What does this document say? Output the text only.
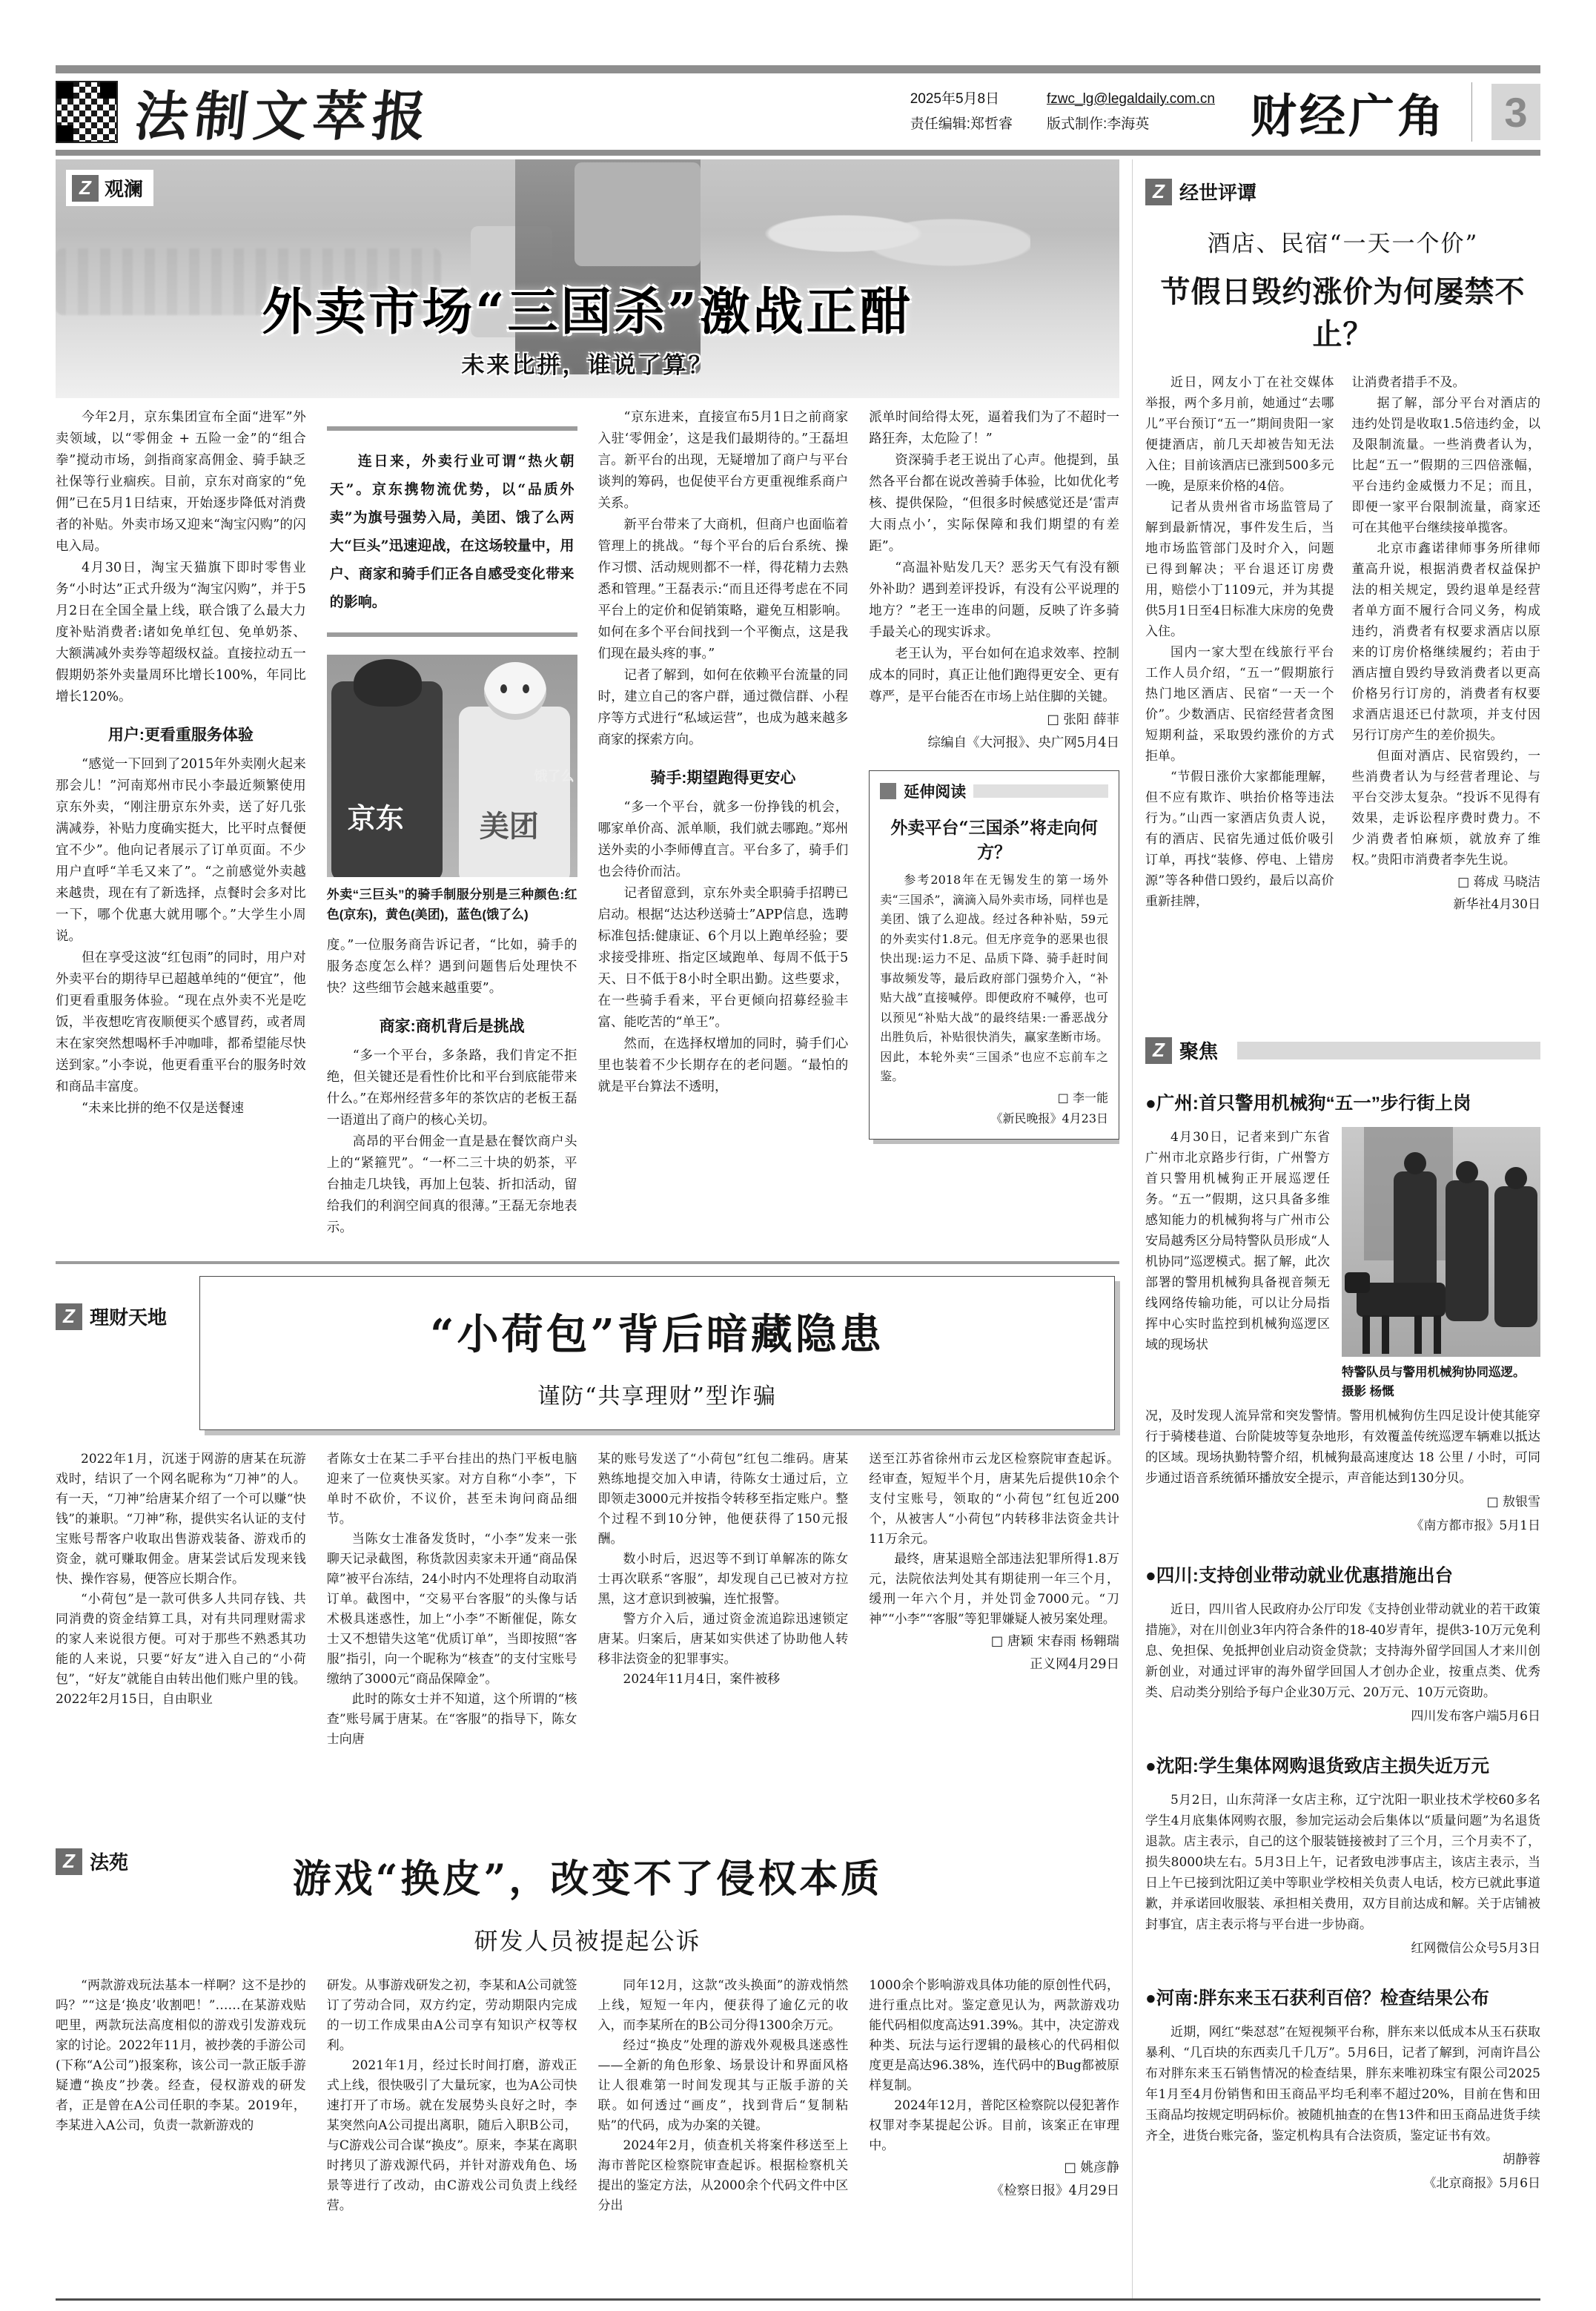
法制文萃报	2025年5月8日
责任编辑:郑哲睿
fzwc_lg@legaldaily.com.cn
版式制作:李海英	财经广角	3
Z 观澜
外卖市场“三国杀”激战正酣
未来比拼，谁说了算？

今年2月，京东集团宣布全面“进军”外卖领域，以“零佣金 + 五险一金”的“组合拳”搅动市场，剑指商家高佣金、骑手缺乏社保等行业痼疾。目前，京东对商家的“免佣”已在5月1日结束，开始逐步降低对消费者的补贴。外卖市场又迎来“淘宝闪购”的闪电入局。

4月30日，淘宝天猫旗下即时零售业务“小时达”正式升级为“淘宝闪购”，并于5月2日在全国全量上线，联合饿了么最大力度补贴消费者:诸如免单红包、免单奶茶、大额满减外卖券等超级权益。直接拉动五一假期奶茶外卖量周环比增长100%，年同比增长120%。

用户:更看重服务体验

“感觉一下回到了2015年外卖刚火起来那会儿！”河南郑州市民小李最近频繁使用京东外卖，“刚注册京东外卖，送了好几张满减券，补贴力度确实挺大，比平时点餐便宜不少”。他向记者展示了订单页面。不少用户直呼“羊毛又来了”。“之前感觉外卖越来越贵，现在有了新选择，点餐时会多对比一下，哪个优惠大就用哪个。”大学生小周说。

但在享受这波“红包雨”的同时，用户对外卖平台的期待早已超越单纯的“便宜”，他们更看重服务体验。“现在点外卖不光是吃饭，半夜想吃宵夜顺便买个感冒药，或者周末在家突然想喝杯手冲咖啡，都希望能尽快送到家。”小李说，他更看重平台的服务时效和商品丰富度。

“未来比拼的绝不仅是送餐速

连日来，外卖行业可谓“热火朝天”。京东携物流优势，以“品质外卖”为旗号强势入局，美团、饿了么两大“巨头”迅速迎战，在这场较量中，用户、商家和骑手们正各自感受变化带来的影响。

京东	美团
饿了么
外卖“三巨头”的骑手制服分别是三种颜色:红色(京东)，黄色(美团)，蓝色(饿了么)

度。”一位服务商告诉记者，“比如，骑手的服务态度怎么样？遇到问题售后处理快不快？这些细节会越来越重要”。

商家:商机背后是挑战

“多一个平台，多条路，我们肯定不拒绝，但关键还是看性价比和平台到底能带来什么。”在郑州经营多年的茶饮店的老板王磊一语道出了商户的核心关切。

高昂的平台佣金一直是悬在餐饮商户头上的“紧箍咒”。“一杯二三十块的奶茶，平台抽走几块钱，再加上包装、折扣活动，留给我们的利润空间真的很薄。”王磊无奈地表示。

“京东进来，直接宣布5月1日之前商家入驻‘零佣金’，这是我们最期待的。”王磊坦言。新平台的出现，无疑增加了商户与平台谈判的筹码，也促使平台方更重视维系商户关系。

新平台带来了大商机，但商户也面临着管理上的挑战。“每个平台的后台系统、操作习惯、活动规则都不一样，得花精力去熟悉和管理。”王磊表示:“而且还得考虑在不同平台上的定价和促销策略，避免互相影响。如何在多个平台间找到一个平衡点，这是我们现在最头疼的事。”

记者了解到，如何在依赖平台流量的同时，建立自己的客户群，通过微信群、小程序等方式进行“私域运营”，也成为越来越多商家的探索方向。

骑手:期望跑得更安心

“多一个平台，就多一份挣钱的机会，哪家单价高、派单顺，我们就去哪跑。”郑州送外卖的小李师傅直言。平台多了，骑手们也会待价而沽。

记者留意到，京东外卖全职骑手招聘已启动。根据“达达秒送骑士”APP信息，选聘标准包括:健康证、6个月以上跑单经验；要求接受排班、指定区域跑单、每周不低于5天、日不低于8小时全职出勤。这些要求，在一些骑手看来，平台更倾向招募经验丰富、能吃苦的“单王”。

然而，在选择权增加的同时，骑手们心里也装着不少长期存在的老问题。“最怕的就是平台算法不透明，

派单时间给得太死，逼着我们为了不超时一路狂奔，太危险了！”

资深骑手老王说出了心声。他提到，虽然各平台都在说改善骑手体验，比如优化考核、提供保险，“但很多时候感觉还是‘雷声大雨点小’，实际保障和我们期望的有差距”。

“高温补贴发几天？恶劣天气有没有额外补助？遇到差评投诉，有没有公平说理的地方？”老王一连串的问题，反映了许多骑手最关心的现实诉求。

老王认为，平台如何在追求效率、控制成本的同时，真正让他们跑得更安全、更有尊严，是平台能否在市场上站住脚的关键。

□ 张阳 薛菲
综编自《大河报》、央广网5月4日
延伸阅读
外卖平台“三国杀”将走向何方？

参考2018年在无锡发生的第一场外卖“三国杀”，滴滴入局外卖市场，同样也是美团、饿了么迎战。经过各种补贴，59元的外卖实付1.8元。但无序竞争的恶果也很快出现:运力不足、品质下降、骑手赶时间事故频发等，最后政府部门强势介入，“补贴大战”直接喊停。即便政府不喊停，也可以预见“补贴大战”的最终结果:一番恶战分出胜负后，补贴很快消失，赢家垄断市场。因此，本轮外卖“三国杀”也应不忘前车之鉴。

□ 李一能
《新民晚报》4月23日
Z 理财天地	“小荷包”背后暗藏隐患
谨防“共享理财”型诈骗

2022年1月，沉迷于网游的唐某在玩游戏时，结识了一个网名昵称为“刀神”的人。有一天，“刀神”给唐某介绍了一个可以赚“快钱”的兼职。“刀神”称，提供实名认证的支付宝账号帮客户收取出售游戏装备、游戏币的资金，就可赚取佣金。唐某尝试后发现来钱快、操作容易，便答应长期合作。

“小荷包”是一款可供多人共同存钱、共同消费的资金结算工具，对有共同理财需求的家人来说很方便。可对于那些不熟悉其功能的人来说，只要“好友”进入自己的“小荷包”，“好友”就能自由转出他们账户里的钱。2022年2月15日，自由职业

者陈女士在某二手平台挂出的热门平板电脑迎来了一位爽快买家。对方自称“小李”，下单时不砍价，不议价，甚至未询问商品细节。

当陈女士准备发货时，“小李”发来一张聊天记录截图，称货款因卖家未开通“商品保障”被平台冻结，24小时内不处理将自动取消订单。截图中，“交易平台客服”的头像与话术极具迷惑性，加上“小李”不断催促，陈女士又不想错失这笔“优质订单”，当即按照“客服”指引，向一个昵称为“核查”的支付宝账号缴纳了3000元“商品保障金”。

此时的陈女士并不知道，这个所谓的“核查”账号属于唐某。在“客服”的指导下，陈女士向唐

某的账号发送了“小荷包”红包二维码。唐某熟练地提交加入申请，待陈女士通过后，立即领走3000元并按指令转移至指定账户。整个过程不到10分钟，他便获得了150元报酬。

数小时后，迟迟等不到订单解冻的陈女士再次联系“客服”，却发现自己已被对方拉黑，这才意识到被骗，连忙报警。

警方介入后，通过资金流追踪迅速锁定唐某。归案后，唐某如实供述了协助他人转移非法资金的犯罪事实。

2024年11月4日，案件被移

送至江苏省徐州市云龙区检察院审查起诉。经审查，短短半个月，唐某先后提供10余个支付宝账号，领取的“小荷包”红包近200个，从被害人“小荷包”内转移非法资金共计11万余元。

最终，唐某退赔全部违法犯罪所得1.8万元，法院依法判处其有期徒刑一年三个月，缓刑一年六个月，并处罚金7000元。“刀神”“小李”“客服”等犯罪嫌疑人被另案处理。

□ 唐颖 宋春雨 杨翱瑞
正义网4月29日
Z 法苑	游戏“换皮”，改变不了侵权本质
研发人员被提起公诉

“两款游戏玩法基本一样啊？这不是抄的吗？”“这是‘换皮’收割吧！”……在某游戏贴吧里，两款玩法高度相似的游戏引发游戏玩家的讨论。2022年11月，被抄袭的手游公司(下称“A公司”)报案称，该公司一款正版手游疑遭“换皮”抄袭。经查，侵权游戏的研发者，正是曾在A公司任职的李某。2019年，李某进入A公司，负责一款新游戏的

研发。从事游戏研发之初，李某和A公司就签订了劳动合同，双方约定，劳动期限内完成的一切工作成果由A公司享有知识产权等权利。

2021年1月，经过长时间打磨，游戏正式上线，很快吸引了大量玩家，也为A公司快速打开了市场。就在发展势头良好之时，李某突然向A公司提出离职，随后入职B公司，与C游戏公司合谋“换皮”。原来，李某在离职时拷贝了游戏源代码，并针对游戏角色、场景等进行了改动，由C游戏公司负责上线经营。

同年12月，这款“改头换面”的游戏悄然上线，短短一年内，便获得了逾亿元的收入，而李某所在的B公司分得1300余万元。

经过“换皮”处理的游戏外观极具迷惑性——全新的角色形象、场景设计和界面风格让人很难第一时间发现其与正版手游的关联。如何透过“画皮”，找到背后“复制粘贴”的代码，成为办案的关键。

2024年2月，侦查机关将案件移送至上海市普陀区检察院审查起诉。根据检察机关提出的鉴定方法，从2000余个代码文件中区分出

1000余个影响游戏具体功能的原创性代码，进行重点比对。鉴定意见认为，两款游戏功能代码相似度高达91.39%。其中，决定游戏种类、玩法与运行逻辑的最核心的代码相似度更是高达96.38%，连代码中的Bug都被原样复制。

2024年12月，普陀区检察院以侵犯著作权罪对李某提起公诉。目前，该案正在审理中。

□ 姚彦静
《检察日报》4月29日
Z 经世评谭
酒店、民宿“一天一个价”
节假日毁约涨价为何屡禁不止？

近日，网友小丁在社交媒体举报，两个多月前，她通过“去哪儿”平台预订“五一”期间贵阳一家便捷酒店，前几天却被告知无法入住；目前该酒店已涨到500多元一晚，是原来价格的4倍。

记者从贵州省市场监管局了解到最新情况，事件发生后，当地市场监管部门及时介入，问题已得到解决；平台退还订房费用，赔偿小丁1109元，并为其提供5月1日至4日标准大床房的免费入住。

国内一家大型在线旅行平台工作人员介绍，“五一”假期旅行热门地区酒店、民宿“一天一个价”。少数酒店、民宿经营者贪图短期利益，采取毁约涨价的方式拒单。

“节假日涨价大家都能理解，但不应有欺诈、哄抬价格等违法行为。”山西一家酒店负责人说，有的酒店、民宿先通过低价吸引订单，再找“装修、停电、上错房源”等各种借口毁约，最后以高价重新挂牌，

让消费者措手不及。

据了解，部分平台对酒店的违约处罚是收取1.5倍违约金，以及限制流量。一些消费者认为，比起“五一”假期的三四倍涨幅，平台违约金威慑力不足；而且，即便一家平台限制流量，商家还可在其他平台继续接单揽客。

北京市鑫诺律师事务所律师董高升说，根据消费者权益保护法的相关规定，毁约退单是经营者单方面不履行合同义务，构成违约，消费者有权要求酒店以原来的订房价格继续履约；若由于酒店擅自毁约导致消费者以更高价格另行订房的，消费者有权要求酒店退还已付款项，并支付因另行订房产生的差价损失。

但面对酒店、民宿毁约，一些消费者认为与经营者理论、与平台交涉太复杂。“投诉不见得有效果，走诉讼程序费时费力。不少消费者怕麻烦，就放弃了维权。”贵阳市消费者李先生说。

□ 蒋成 马晓洁
新华社4月30日
Z 聚焦
●广州:首只警用机械狗“五一”步行街上岗

4月30日，记者来到广东省广州市北京路步行街，广州警方首只警用机械狗正开展巡逻任务。“五一”假期，这只具备多维感知能力的机械狗将与广州市公安局越秀区分局特警队员形成“人机协同”巡逻模式。据了解，此次部署的警用机械狗具备视音频无线网络传输功能，可以让分局指挥中心实时监控到机械狗巡逻区域的现场状

特警队员与警用机械狗协同巡逻。
摄影 杨慨

况，及时发现人流异常和突发警情。警用机械狗仿生四足设计使其能穿行于骑楼巷道、台阶陡坡等复杂地形，有效覆盖传统巡逻车辆难以抵达的区域。现场执勤特警介绍，机械狗最高速度达 18 公里 / 小时，可同步通过语音系统循环播放安全提示，声音能达到130分贝。

□ 敖银雪
《南方都市报》5月1日
●四川:支持创业带动就业优惠措施出台

近日，四川省人民政府办公厅印发《支持创业带动就业的若干政策措施》，对在川创业3年内符合条件的18-40岁青年，提供3-10万元免利息、免担保、免抵押创业启动资金贷款；支持海外留学回国人才来川创新创业，对通过评审的海外留学回国人才创办企业，按重点类、优秀类、启动类分别给予每户企业30万元、20万元、10万元资助。

四川发布客户端5月6日
●沈阳:学生集体网购退货致店主损失近万元

5月2日，山东菏泽一女店主称，辽宁沈阳一职业技术学校60多名学生4月底集体网购衣服，参加完运动会后集体以“质量问题”为名退货退款。店主表示，自己的这个服装链接被封了三个月，三个月卖不了，损失8000块左右。5月3日上午，记者致电涉事店主，该店主表示，当日上午已接到沈阳辽美中等职业学校相关负责人电话，校方已就此事道歉，并承诺回收服装、承担相关费用，双方目前达成和解。关于店铺被封事宜，店主表示将与平台进一步协商。

红网微信公众号5月3日
●河南:胖东来玉石获利百倍？检查结果公布

近期，网红“柴怼怼”在短视频平台称，胖东来以低成本从玉石获取暴利、“几百块的东西卖几千几万”。5月6日，记者了解到，河南许昌公布对胖东来玉石销售情况的检查结果，胖东来唯初珠宝有限公司2025年1月至4月份销售和田玉商品平均毛利率不超过20%，目前在售和田玉商品均按规定明码标价。被随机抽查的在售13件和田玉商品进货手续齐全，进货台账完备，鉴定机构具有合法资质，鉴定证书有效。

胡静蓉
《北京商报》5月6日
